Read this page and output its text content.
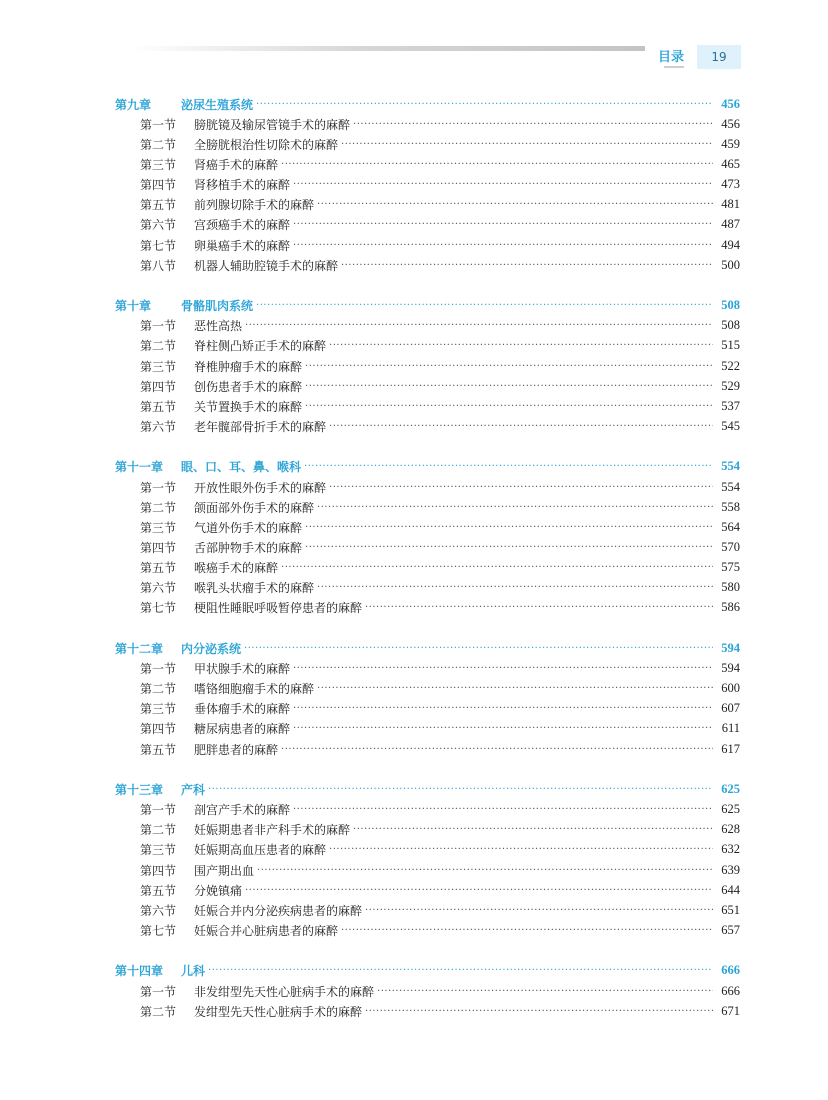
目录	19
第九章	泌尿生殖系统 ·····	456
第一节	膀胱镜及输尿管镜手术的麻醉 ·····	456
第二节	全膀胱根治性切除术的麻醉 ·····	459
第三节	肾癌手术的麻醉 ·····	465
第四节	肾移植手术的麻醉 ·····	473
第五节	前列腺切除手术的麻醉 ·····	481
第六节	宫颈癌手术的麻醉 ·····	487
第七节	卵巢癌手术的麻醉 ·····	494
第八节	机器人辅助腔镜手术的麻醉 ·····	500
第十章	骨骼肌肉系统 ·····	508
第一节	恶性高热 ·····	508
第二节	脊柱侧凸矫正手术的麻醉 ·····	515
第三节	脊椎肿瘤手术的麻醉 ·····	522
第四节	创伤患者手术的麻醉 ·····	529
第五节	关节置换手术的麻醉 ·····	537
第六节	老年髋部骨折手术的麻醉 ·····	545
第十一章	眼、口、耳、鼻、喉科 ·····	554
第一节	开放性眼外伤手术的麻醉 ·····	554
第二节	颌面部外伤手术的麻醉 ·····	558
第三节	气道外伤手术的麻醉 ·····	564
第四节	舌部肿物手术的麻醉 ·····	570
第五节	喉癌手术的麻醉 ·····	575
第六节	喉乳头状瘤手术的麻醉 ·····	580
第七节	梗阻性睡眠呼吸暂停患者的麻醉 ·····	586
第十二章	内分泌系统 ·····	594
第一节	甲状腺手术的麻醉 ·····	594
第二节	嗜铬细胞瘤手术的麻醉 ·····	600
第三节	垂体瘤手术的麻醉 ·····	607
第四节	糖尿病患者的麻醉 ·····	611
第五节	肥胖患者的麻醉 ·····	617
第十三章	产科 ·····	625
第一节	剖宫产手术的麻醉 ·····	625
第二节	妊娠期患者非产科手术的麻醉 ·····	628
第三节	妊娠期高血压患者的麻醉 ·····	632
第四节	围产期出血 ·····	639
第五节	分娩镇痛 ·····	644
第六节	妊娠合并内分泌疾病患者的麻醉 ·····	651
第七节	妊娠合并心脏病患者的麻醉 ·····	657
第十四章	儿科 ·····	666
第一节	非发绀型先天性心脏病手术的麻醉 ·····	666
第二节	发绀型先天性心脏病手术的麻醉 ·····	671
